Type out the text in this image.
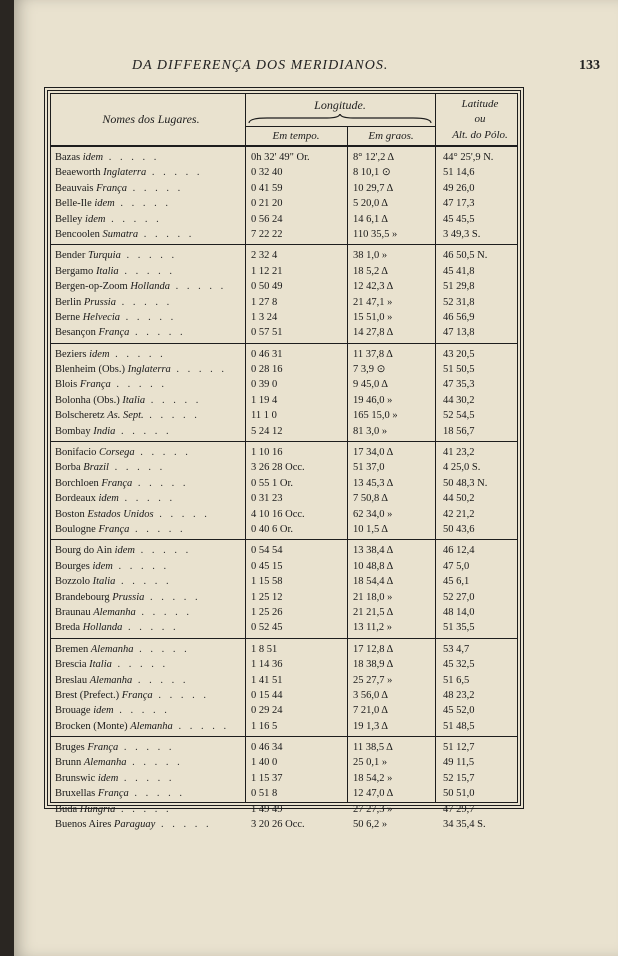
DA DIFFERENÇA DOS MERIDIANOS.	133
Nomes dos Lugares.
Longitude.
Em tempo.	Em graos.
Latitude
ou
Alt. do Pólo.
Bazas idem . . . . .	0h 32' 49" Or.	8° 12',2 Δ	44° 25',9 N.
Beaeworth Inglaterra . . . . .	0 32 40	8 10,1 ⊙	51 14,6
Beauvais França . . . . .	0 41 59	10 29,7 Δ	49 26,0
Belle-Ile idem . . . . .	0 21 20	5 20,0 Δ	47 17,3
Belley idem . . . . .	0 56 24	14 6,1 Δ	45 45,5
Bencoolen Sumatra . . . . .	7 22 22	110 35,5 »	3 49,3 S.
Bender Turquia . . . . .	2 32 4	38 1,0 »	46 50,5 N.
Bergamo Italia . . . . .	1 12 21	18 5,2 Δ	45 41,8
Bergen-op-Zoom Hollanda . . . . .	0 50 49	12 42,3 Δ	51 29,8
Berlin Prussia . . . . .	1 27 8	21 47,1 »	52 31,8
Berne Helvecia . . . . .	1 3 24	15 51,0 »	46 56,9
Besançon França . . . . .	0 57 51	14 27,8 Δ	47 13,8
Beziers idem . . . . .	0 46 31	11 37,8 Δ	43 20,5
Blenheim (Obs.) Inglaterra . . . . .	0 28 16	7 3,9 ⊙	51 50,5
Blois França . . . . .	0 39 0	9 45,0 Δ	47 35,3
Bolonha (Obs.) Italia . . . . .	1 19 4	19 46,0 »	44 30,2
Bolscheretz As. Sept. . . . . .	11 1 0	165 15,0 »	52 54,5
Bombay India . . . . .	5 24 12	81 3,0 »	18 56,7
Bonifacio Corsega . . . . .	1 10 16	17 34,0 Δ	41 23,2
Borba Brazil . . . . .	3 26 28 Occ.	51 37,0	4 25,0 S.
Borchloen França . . . . .	0 55 1 Or.	13 45,3 Δ	50 48,3 N.
Bordeaux idem . . . . .	0 31 23	7 50,8 Δ	44 50,2
Boston Estados Unidos . . . . .	4 10 16 Occ.	62 34,0 »	42 21,2
Boulogne França . . . . .	0 40 6 Or.	10 1,5 Δ	50 43,6
Bourg do Ain idem . . . . .	0 54 54	13 38,4 Δ	46 12,4
Bourges idem . . . . .	0 45 15	10 48,8 Δ	47 5,0
Bozzolo Italia . . . . .	1 15 58	18 54,4 Δ	45 6,1
Brandebourg Prussia . . . . .	1 25 12	21 18,0 »	52 27,0
Braunau Alemanha . . . . .	1 25 26	21 21,5 Δ	48 14,0
Breda Hollanda . . . . .	0 52 45	13 11,2 »	51 35,5
Bremen Alemanha . . . . .	1 8 51	17 12,8 Δ	53 4,7
Brescia Italia . . . . .	1 14 36	18 38,9 Δ	45 32,5
Breslau Alemanha . . . . .	1 41 51	25 27,7 »	51 6,5
Brest (Prefect.) França . . . . .	0 15 44	3 56,0 Δ	48 23,2
Brouage idem . . . . .	0 29 24	7 21,0 Δ	45 52,0
Brocken (Monte) Alemanha . . . . .	1 16 5	19 1,3 Δ	51 48,5
Bruges França . . . . .	0 46 34	11 38,5 Δ	51 12,7
Brunn Alemanha . . . . .	1 40 0	25 0,1 »	49 11,5
Brunswic idem . . . . .	1 15 37	18 54,2 »	52 15,7
Bruxellas França . . . . .	0 51 8	12 47,0 Δ	50 51,0
Buda Hungria . . . . .	1 49 49	27 27,3 »	47 29,7
Buenos Aires Paraguay . . . . .	3 20 26 Occ.	50 6,2 »	34 35,4 S.
